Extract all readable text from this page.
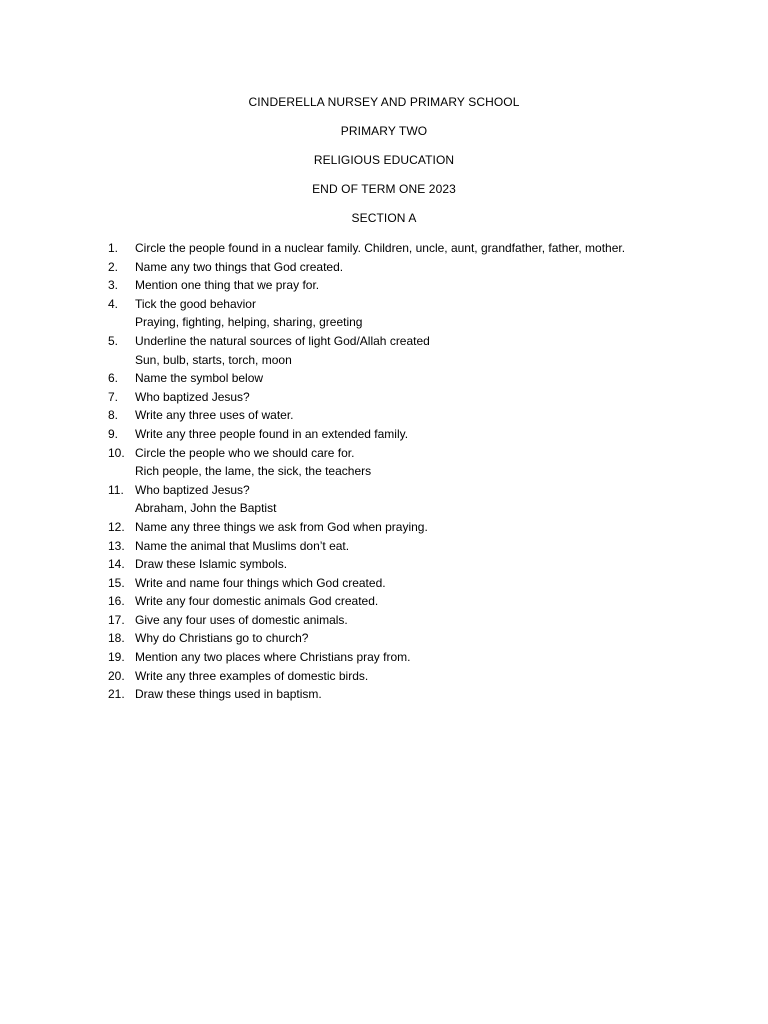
CINDERELLA NURSEY AND PRIMARY SCHOOL
PRIMARY TWO
RELIGIOUS EDUCATION
END OF TERM ONE 2023
SECTION A
1.	Circle the people found in a nuclear family. Children, uncle, aunt, grandfather, father, mother.
2.	Name any two things that God created.
3.	Mention one thing that we pray for.
4.	Tick the good behavior
Praying, fighting, helping, sharing, greeting
5.	Underline the natural sources of light God/Allah created
Sun, bulb, starts, torch, moon
6.	Name the symbol below
7.	Who baptized Jesus?
8.	Write any three uses of water.
9.	Write any three people found in an extended family.
10. Circle the people who we should care for.
Rich people, the lame, the sick, the teachers
11. Who baptized Jesus?
Abraham, John the Baptist
12. Name any three things we ask from God when praying.
13. Name the animal that Muslims don’t eat.
14. Draw these Islamic symbols.
15. Write and name four things which God created.
16. Write any four domestic animals God created.
17. Give any four uses of domestic animals.
18. Why do Christians go to church?
19. Mention any two places where Christians pray from.
20. Write any three examples of domestic birds.
21. Draw these things used in baptism.
